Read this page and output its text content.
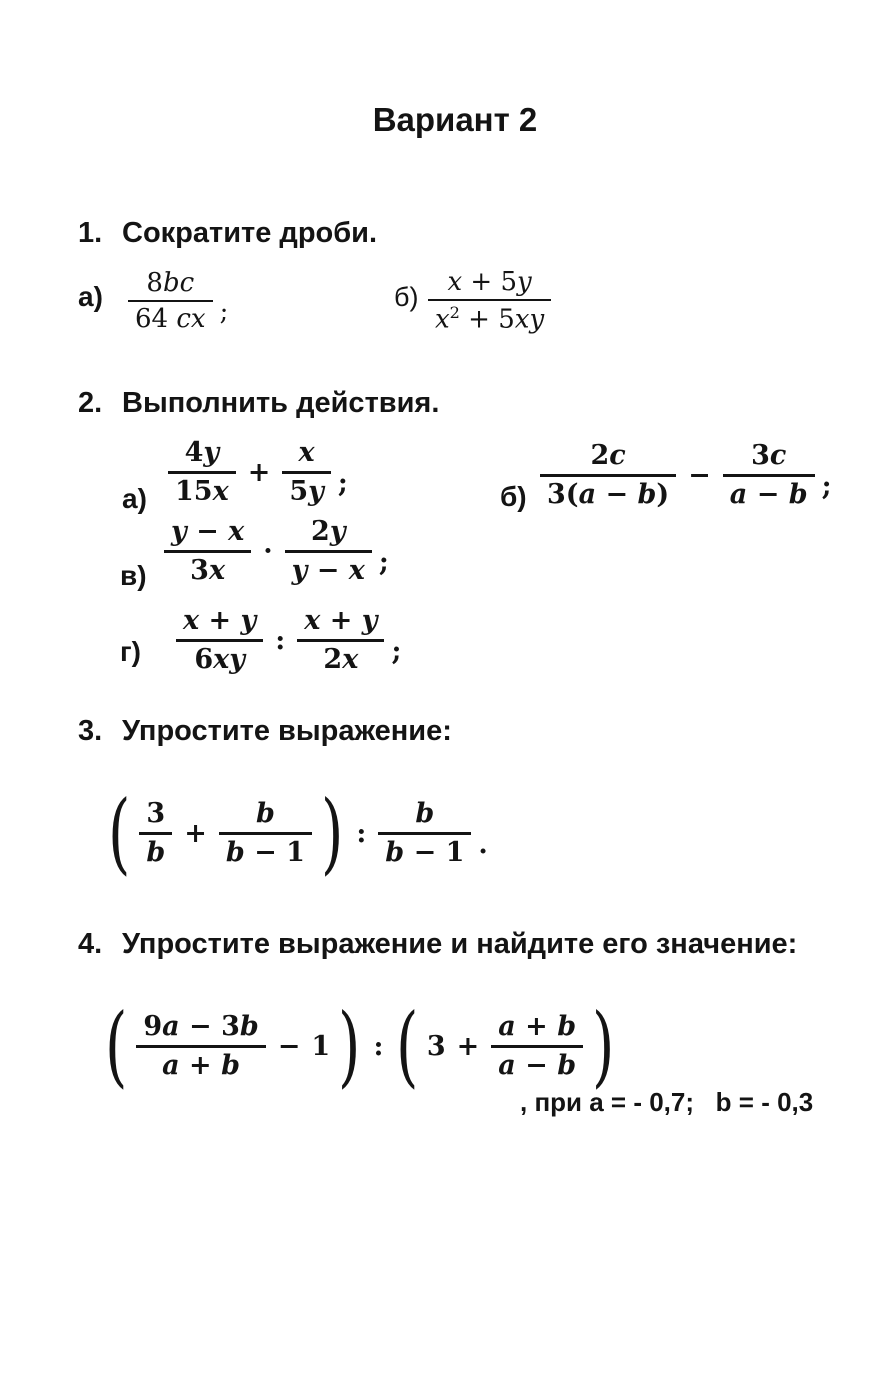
Вариант 2
1. Сократите дроби.
$а) \frac{8bc}{64 cx}$ ;	$б) \frac{x + 5y}{x^2 + 5xy}$
2. Выполнить действия.
$а) \frac{4y}{15x} + \frac{x}{5y}$ ;	$б) \frac{2c}{3(a - b)} - \frac{3c}{a - b}$ ;
$в) \frac{y - x}{3x} \cdot \frac{2y}{y - x}$ ;
$г) \frac{x + y}{6xy}$ : $\frac{x + y}{2x}$ ;
3. Упростите выражение:
( $\frac{3}{b} + \frac{b}{b - 1}$ ) : $\frac{b}{b - 1}$ .
4. Упростите выражение и найдите его значение:
( $\frac{9a - 3b}{a + b} - 1$ ) : ( $3 + \frac{a + b}{a - b}$ )
, при a = - 0,7;   b = - 0,3
